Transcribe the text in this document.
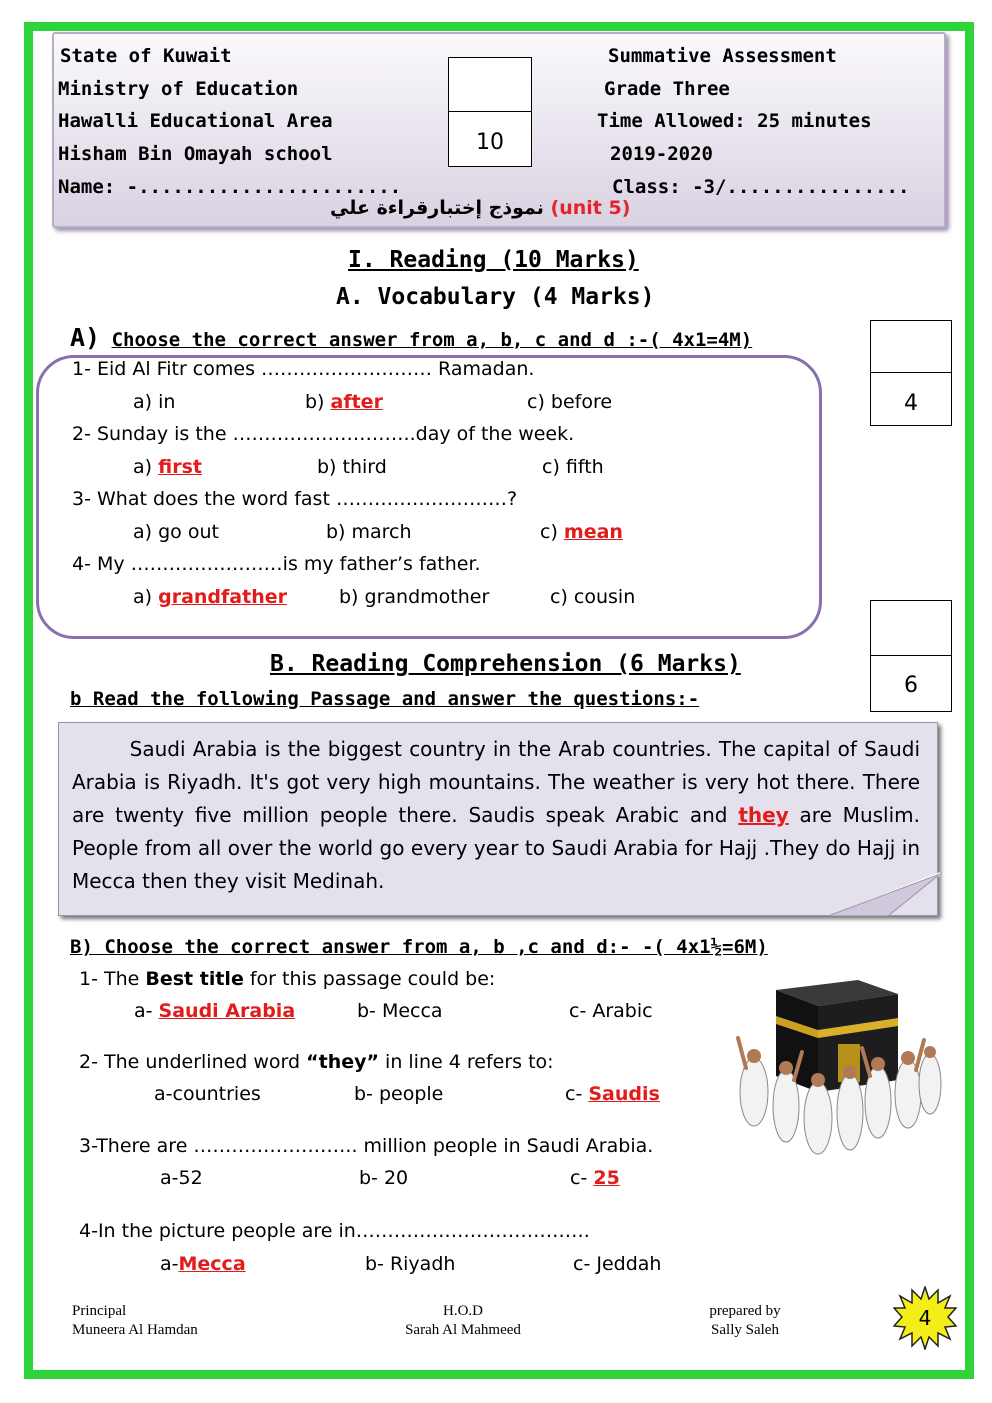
State of Kuwait
Ministry of Education
Hawalli Educational Area
Hisham Bin Omayah school
Name: -.......................
Summative Assessment
Grade Three
Time Allowed: 25 minutes
2019-2020
Class: -3/................
10
نموذج إختبارقراءة علي (unit 5)
I. Reading (10 Marks)
A. Vocabulary (4 Marks)
A) Choose the correct answer from a, b, c and d :-( 4x1=4M)
4
1- Eid Al Fitr comes ……………………… Ramadan.
a) in	b) after	c) before
2- Sunday is the ………………………..day of the week.
a) first	b) third	c) fifth
3- What does the word fast ………………………?
a) go out	b) march	c) mean
4- My ……………………is my father’s father.
a) grandfather	b) grandmother	c) cousin
B. Reading Comprehension (6 Marks)
b Read the following Passage and answer the questions:-
6
Saudi Arabia is the biggest country in the Arab countries. The capital of Saudi Arabia is Riyadh. It's got very high mountains. The weather is very hot there. There are twenty five million people there. Saudis speak Arabic and they are Muslim. People from all over the world go every year to Saudi Arabia for Hajj .They do Hajj in Mecca then they visit Medinah.
B) Choose the correct answer from a, b ,c and d:- -( 4x1½=6M)
1- The Best title for this passage could be:
a- Saudi Arabia	b- Mecca	c- Arabic
2- The underlined word “they” in line 4 refers to:
a-countries	b- people	c- Saudis
3-There are …………………….. million people in Saudi Arabia.
a-52	b- 20	c- 25
4-In the picture people are in……………………………….
a-Mecca	b- Riyadh	c- Jeddah
Principal
Muneera Al Hamdan
H.O.D
Sarah Al Mahmeed
prepared by
Sally Saleh	4
